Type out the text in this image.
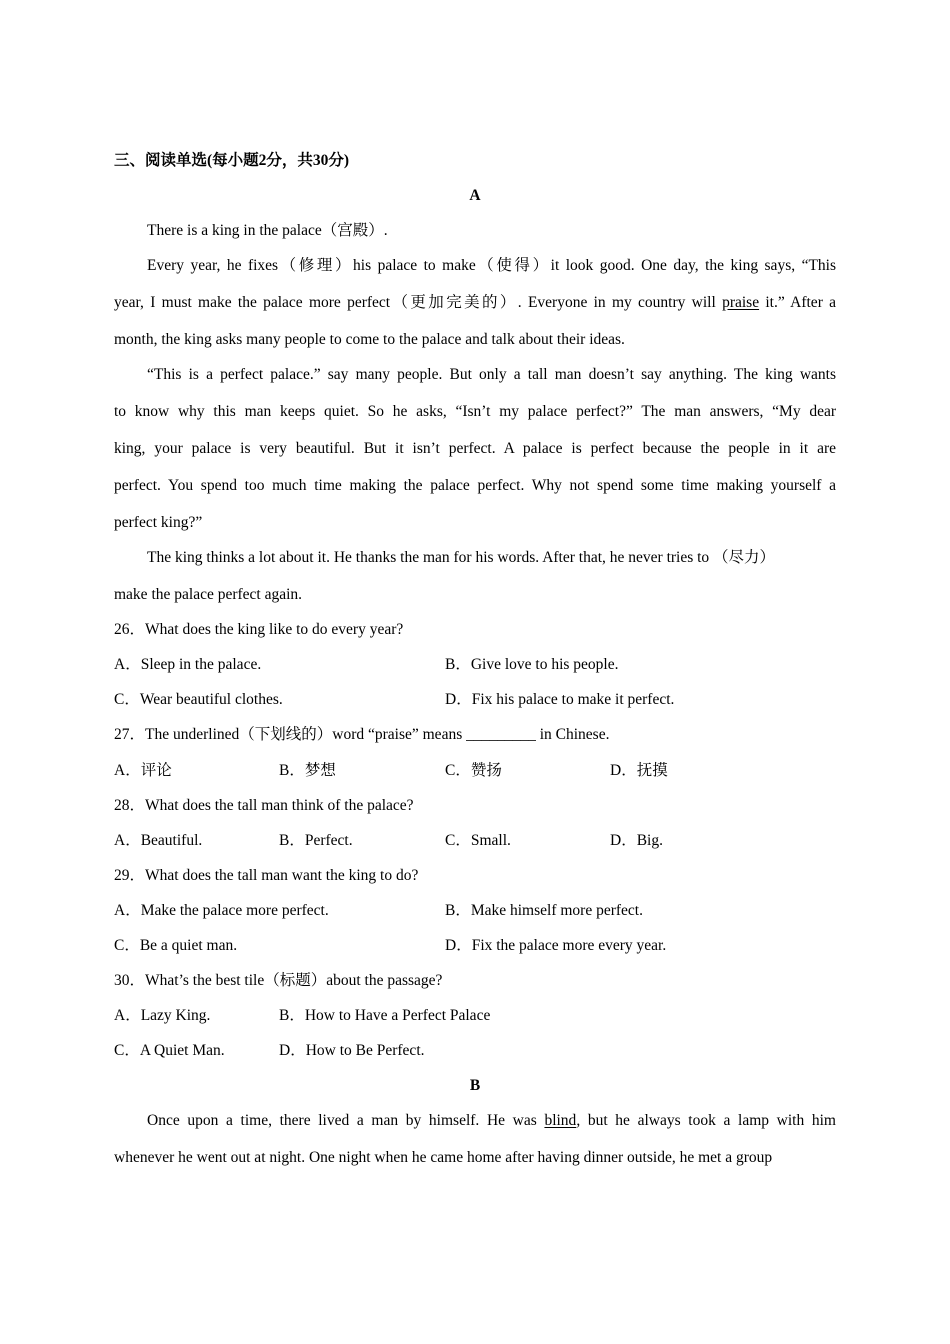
三、阅读单选(每小题2分，共30分)
A
There is a king in the palace（宫殿）.
Every year, he fixes（修理）his palace to make（使得）it look good. One day, the king says, “This
year, I must make the palace more perfect（更加完美的）. Everyone in my country will praise it.” After a
month, the king asks many people to come to the palace and talk about their ideas.
“This is a perfect palace.” say many people. But only a tall man doesn’t say anything. The king wants
to know why this man keeps quiet. So he asks, “Isn’t my palace perfect?” The man answers, “My dear
king, your palace is very beautiful. But it isn’t perfect. A palace is perfect because the people in it are
perfect. You spend too much time making the palace perfect. Why not spend some time making yourself a
perfect king?”
The king thinks a lot about it. He thanks the man for his words. After that, he never tries to （尽力）
make the palace perfect again.
26．What does the king like to do every year?
A．Sleep in the palace.	B．Give love to his people.
C．Wear beautiful clothes.	D．Fix his palace to make it perfect.
27．The underlined（下划线的）word “praise” means _________ in Chinese.
A．评论	B．梦想	C．赞扬	D．抚摸
28．What does the tall man think of the palace?
A．Beautiful.	B．Perfect.	C．Small.	D．Big.
29．What does the tall man want the king to do?
A．Make the palace more perfect.	B．Make himself more perfect.
C．Be a quiet man.	D．Fix the palace more every year.
30．What’s the best tile（标题）about the passage?
A．Lazy King.	B．How to Have a Perfect Palace
C．A Quiet Man.	D．How to Be Perfect.
B
Once upon a time, there lived a man by himself. He was blind, but he always took a lamp with him
whenever he went out at night. One night when he came home after having dinner outside, he met a group
